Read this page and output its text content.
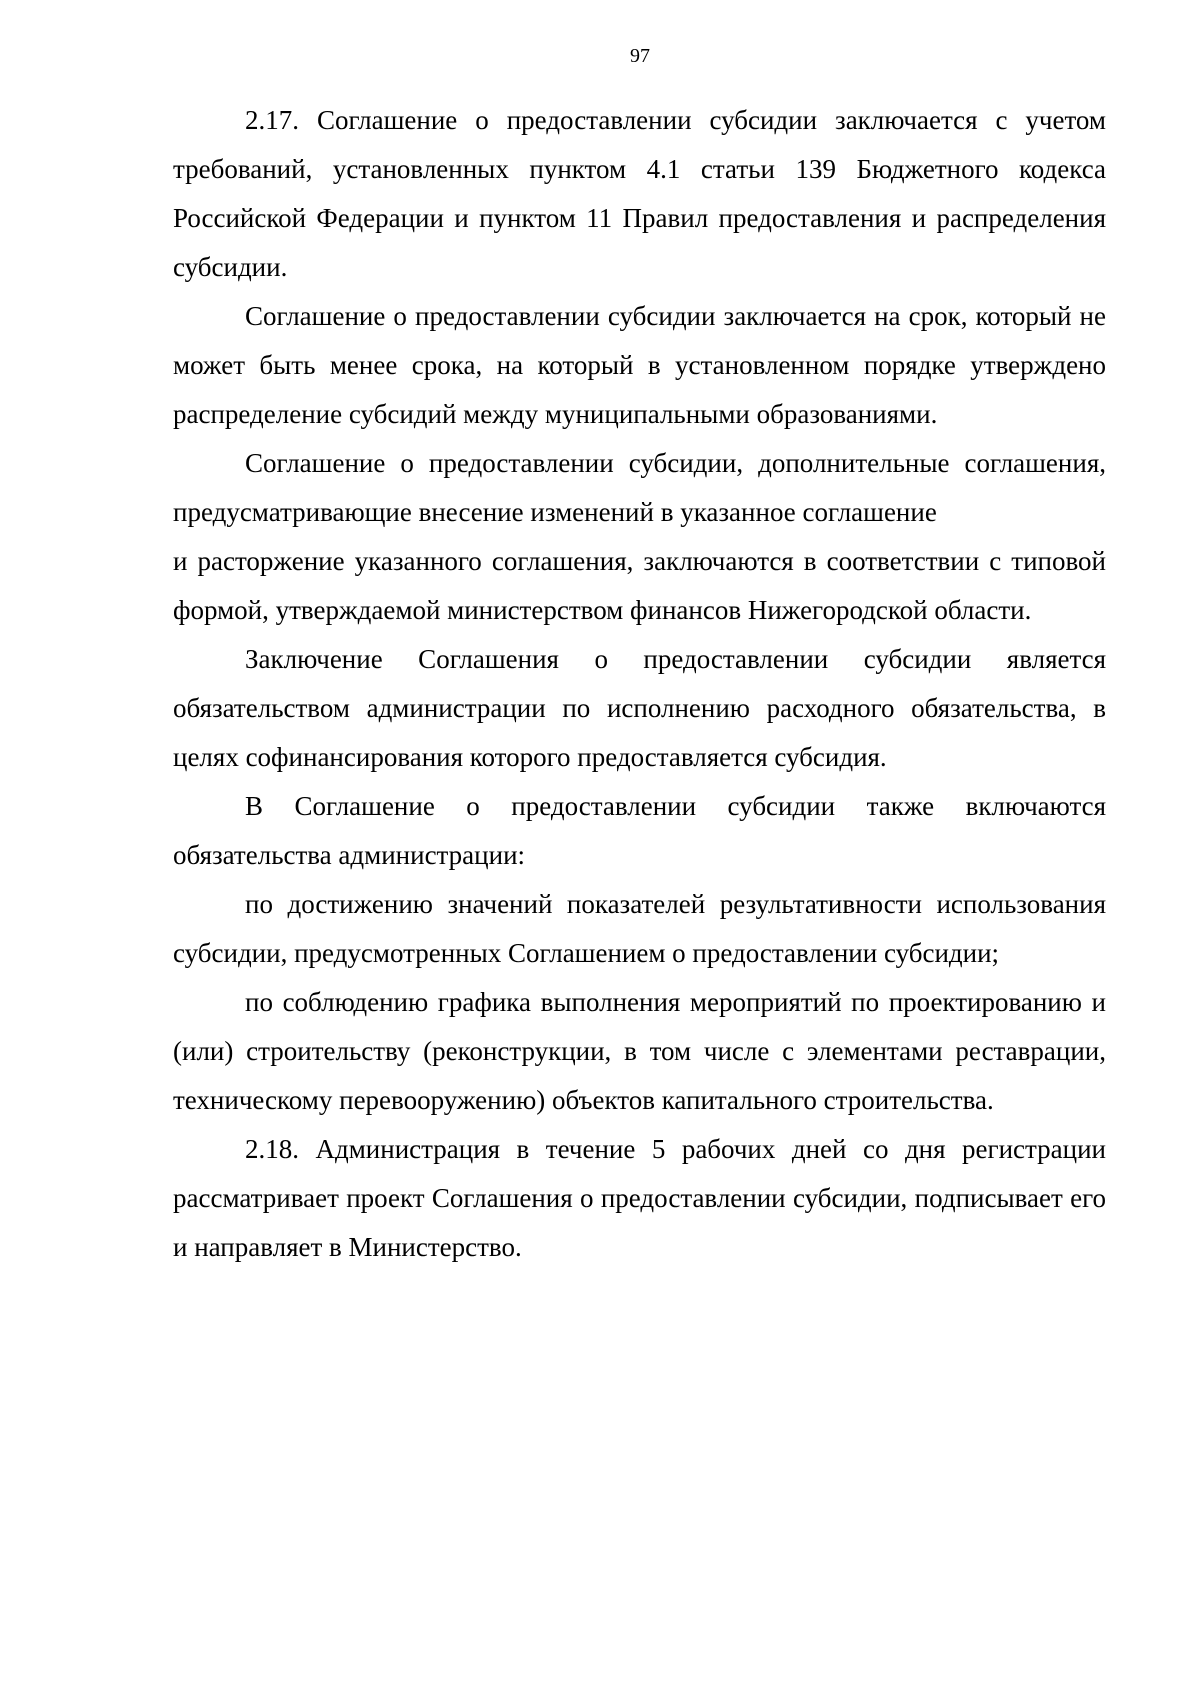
97

2.17. Соглашение о предоставлении субсидии заключается с учетом требований, установленных пунктом 4.1 статьи 139 Бюджетного кодекса Российской Федерации и пунктом 11 Правил предоставления и распределения субсидии.

Соглашение о предоставлении субсидии заключается на срок, который не может быть менее срока, на который в установленном порядке утверждено распределение субсидий между муниципальными образованиями.

Соглашение о предоставлении субсидии, дополнительные соглашения, предусматривающие внесение изменений в указанное соглашение

и расторжение указанного соглашения, заключаются в соответствии с типовой формой, утверждаемой министерством финансов Нижегородской области.

Заключение Соглашения о предоставлении субсидии является обязательством администрации по исполнению расходного обязательства, в целях софинансирования которого предоставляется субсидия.

В Соглашение о предоставлении субсидии также включаются обязательства администрации:

по достижению значений показателей результативности использования субсидии, предусмотренных Соглашением о предоставлении субсидии;

по соблюдению графика выполнения мероприятий по проектированию и (или) строительству (реконструкции, в том числе с элементами реставрации, техническому перевооружению) объектов капитального строительства.

2.18. Администрация в течение 5 рабочих дней со дня регистрации рассматривает проект Соглашения о предоставлении субсидии, подписывает его и направляет в Министерство.
